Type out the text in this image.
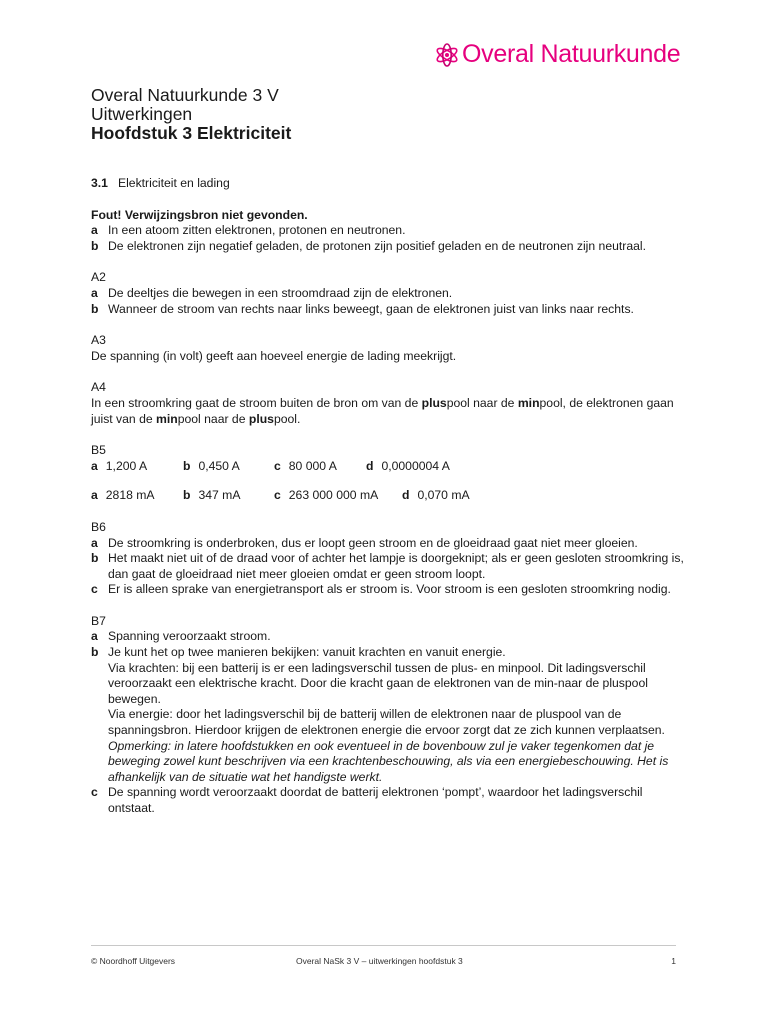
Overal Natuurkunde
Overal Natuurkunde 3 V
Uitwerkingen
Hoofdstuk 3 Elektriciteit
3.1 Elektriciteit en lading
Fout! Verwijzingsbron niet gevonden.
a In een atoom zitten elektronen, protonen en neutronen.
b De elektronen zijn negatief geladen, de protonen zijn positief geladen en de neutronen zijn neutraal.
A2
a De deeltjes die bewegen in een stroomdraad zijn de elektronen.
b Wanneer de stroom van rechts naar links beweegt, gaan de elektronen juist van links naar rechts.
A3
De spanning (in volt) geeft aan hoeveel energie de lading meekrijgt.
A4
In een stroomkring gaat de stroom buiten de bron om van de pluspool naar de minpool, de elektronen gaan juist van de minpool naar de pluspool.
B5
a 1,200 A	b 0,450 A	c 80 000 A d 0,0000004 A
a 2818 mA b 347 mA	c 263 000 000 mA d 0,070 mA
B6
a De stroomkring is onderbroken, dus er loopt geen stroom en de gloeidraad gaat niet meer gloeien.
b Het maakt niet uit of de draad voor of achter het lampje is doorgeknipt; als er geen gesloten stroomkring is, dan gaat de gloeidraad niet meer gloeien omdat er geen stroom loopt.
c Er is alleen sprake van energietransport als er stroom is. Voor stroom is een gesloten stroomkring nodig.
B7
a Spanning veroorzaakt stroom.
b Je kunt het op twee manieren bekijken: vanuit krachten en vanuit energie.
Via krachten: bij een batterij is er een ladingsverschil tussen de plus- en minpool. Dit ladingsverschil veroorzaakt een elektrische kracht. Door die kracht gaan de elektronen van de min-naar de pluspool bewegen.
Via energie: door het ladingsverschil bij de batterij willen de elektronen naar de pluspool van de spanningsbron. Hierdoor krijgen de elektronen energie die ervoor zorgt dat ze zich kunnen verplaatsen.
Opmerking: in latere hoofdstukken en ook eventueel in de bovenbouw zul je vaker tegenkomen dat je beweging zowel kunt beschrijven via een krachtenbeschouwing, als via een energiebeschouwing. Het is afhankelijk van de situatie wat het handigste werkt.
c De spanning wordt veroorzaakt doordat de batterij elektronen ‘pompt’, waardoor het ladingsverschil ontstaat.
© Noordhoff Uitgevers	Overal NaSk 3 V – uitwerkingen hoofdstuk 3	1
